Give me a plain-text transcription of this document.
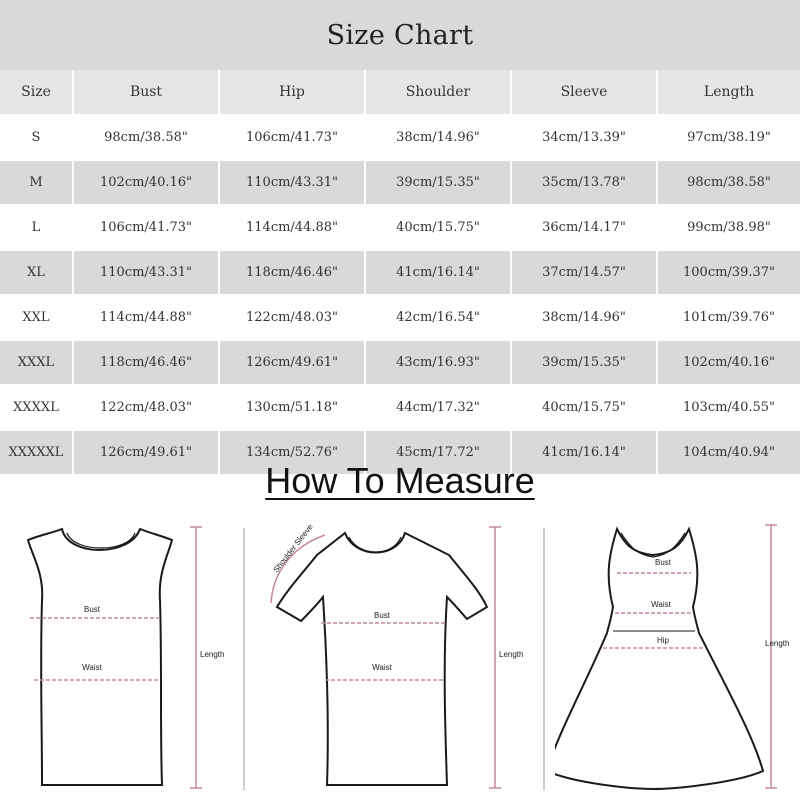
Size Chart
Size	Bust	Hip	Shoulder	Sleeve	Length
S	98cm/38.58"	106cm/41.73"	38cm/14.96"	34cm/13.39"	97cm/38.19"
M	102cm/40.16"	110cm/43.31"	39cm/15.35"	35cm/13.78"	98cm/38.58"
L	106cm/41.73"	114cm/44.88"	40cm/15.75"	36cm/14.17"	99cm/38.98"
XL	110cm/43.31"	118cm/46.46"	41cm/16.14"	37cm/14.57"	100cm/39.37"
XXL	114cm/44.88"	122cm/48.03"	42cm/16.54"	38cm/14.96"	101cm/39.76"
XXXL	118cm/46.46"	126cm/49.61"	43cm/16.93"	39cm/15.35"	102cm/40.16"
XXXXL	122cm/48.03"	130cm/51.18"	44cm/17.32"	40cm/15.75"	103cm/40.55"
XXXXXL	126cm/49.61"	134cm/52.76"	45cm/17.72"	41cm/16.14"	104cm/40.94"
How To Measure
Bust
Waist
Length
Shoulder Sleeve
Bust
Waist
Length
Bust
Waist
Hip	Length
